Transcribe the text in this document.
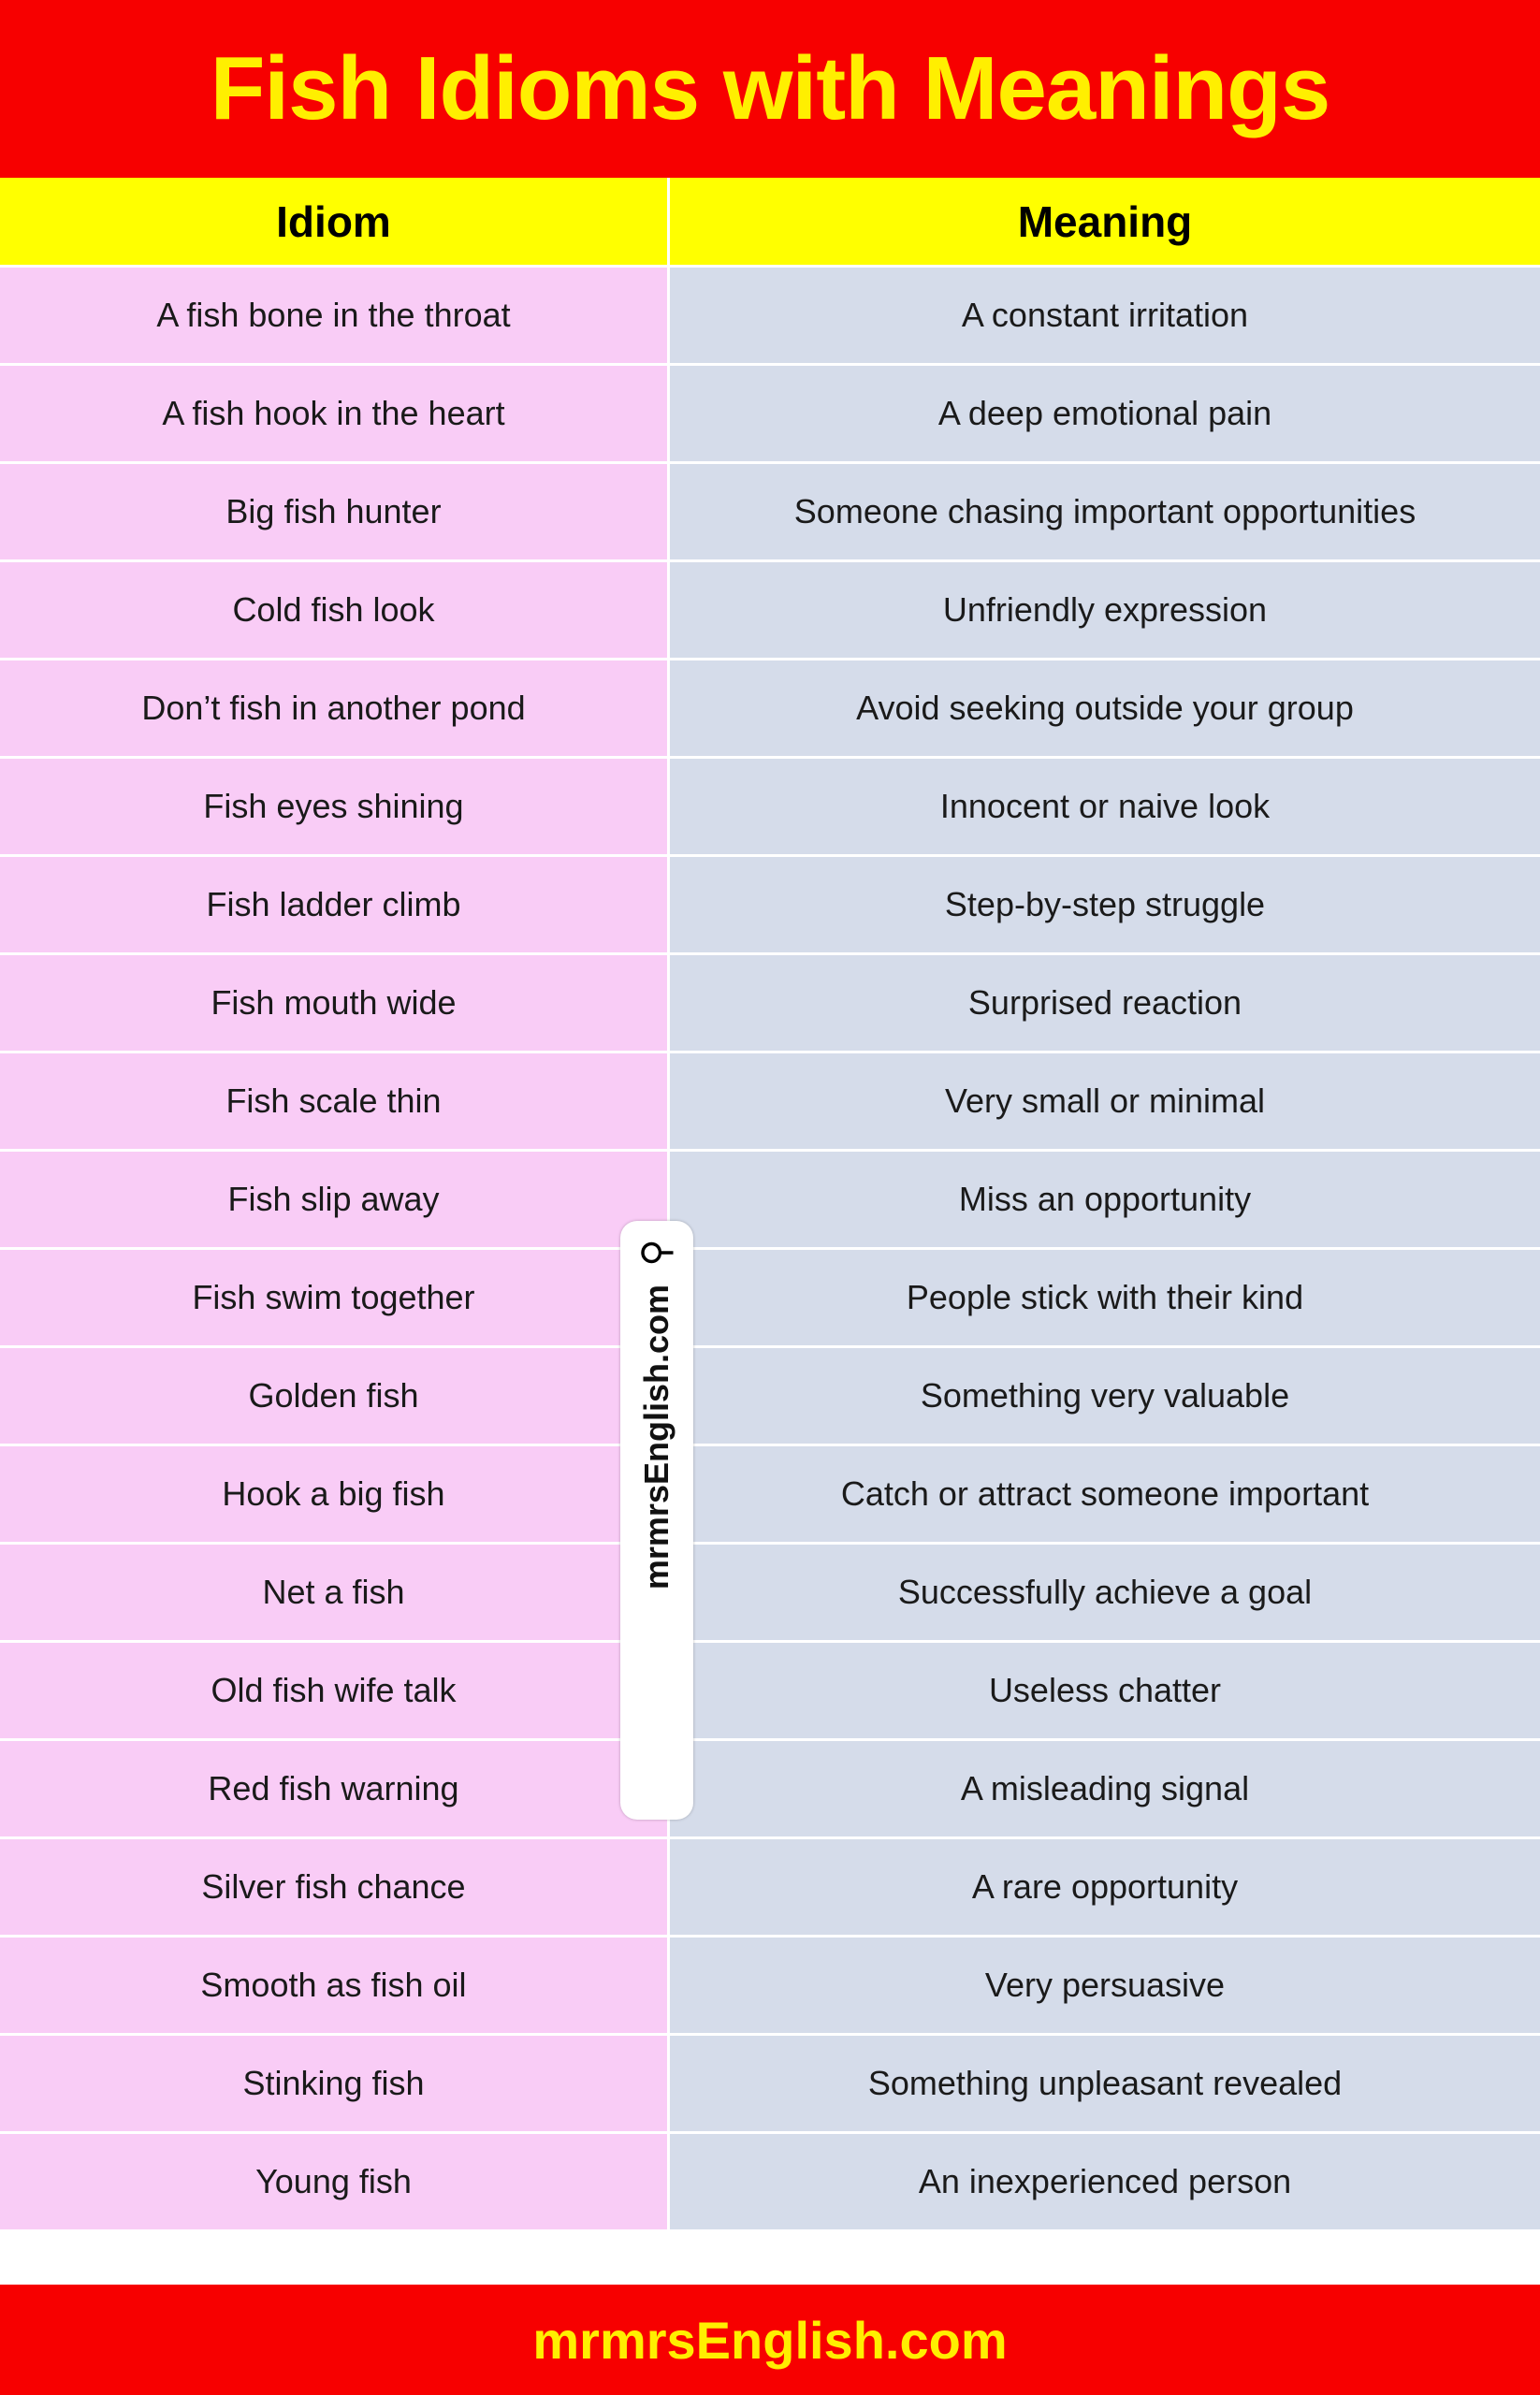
Fish Idioms with Meanings
Idiom	Meaning
A fish bone in the throat	A constant irritation
A fish hook in the heart	A deep emotional pain
Big fish hunter	Someone chasing important opportunities
Cold fish look	Unfriendly expression
Don’t fish in another pond	Avoid seeking outside your group
Fish eyes shining	Innocent or naive look
Fish ladder climb	Step-by-step struggle
Fish mouth wide	Surprised reaction
Fish scale thin	Very small or minimal
Fish slip away	Miss an opportunity
Fish swim together	People stick with their kind
Golden fish	Something very valuable
Hook a big fish	Catch or attract someone important
Net a fish	Successfully achieve a goal
Old fish wife talk	Useless chatter
Red fish warning	A misleading signal
Silver fish chance	A rare opportunity
Smooth as fish oil	Very persuasive
Stinking fish	Something unpleasant revealed
Young fish	An inexperienced person
mrmrsEnglish.com
⚲
mrmrsEnglish.com
